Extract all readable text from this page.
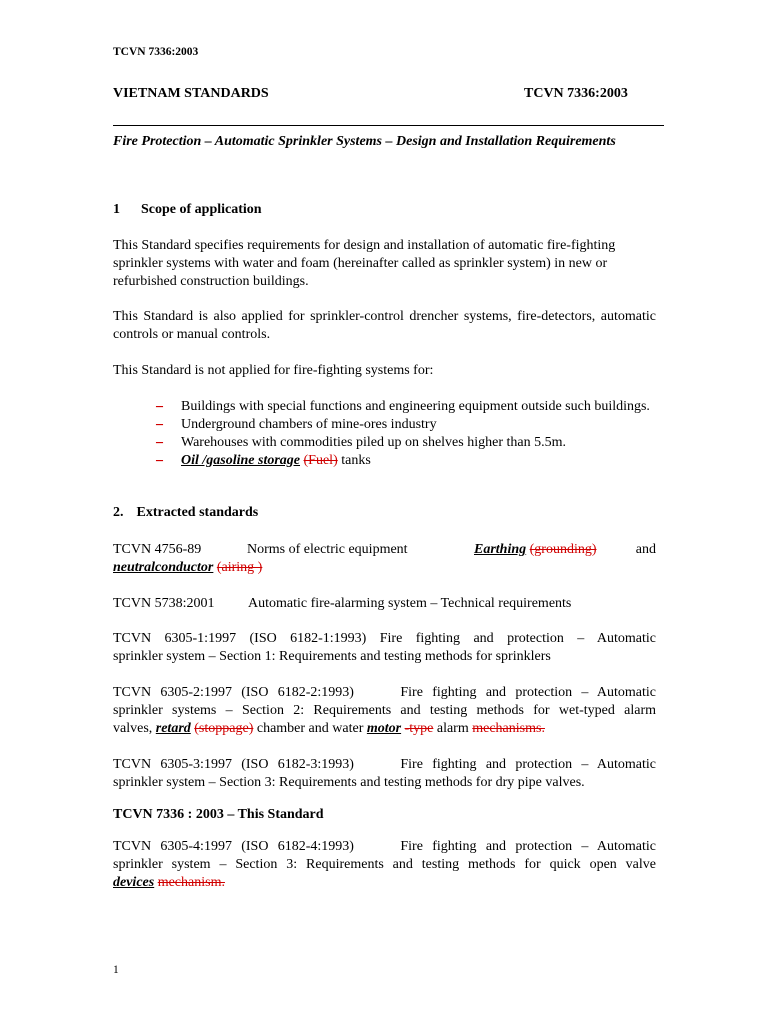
TCVN 7336:2003
VIETNAM STANDARDS	TCVN 7336:2003
Fire Protection – Automatic Sprinkler Systems – Design and Installation Requirements
1 Scope of application
This Standard specifies requirements for design and installation of automatic fire-fighting sprinkler systems with water and foam (hereinafter called as sprinkler system) in new or refurbished construction buildings.
This Standard is also applied for sprinkler-control drencher systems, fire-detectors, automatic controls or manual controls.
This Standard is not applied for fire-fighting systems for:
– Buildings with special functions and engineering equipment outside such buildings.
– Underground chambers of mine-ores industry
– Warehouses with commodities piled up on shelves higher than 5.5m.
– Oil /gasoline storage (Fuel) tanks
2. Extracted standards
TCVN 4756-89	Norms of electric equipment	Earthing (grounding)	and
neutralconductor (airing )
TCVN 5738:2001 Automatic fire-alarming system – Technical requirements
TCVN 6305-1:1997 (ISO 6182-1:1993) Fire fighting and protection – Automatic
sprinkler system – Section 1: Requirements and testing methods for sprinklers
TCVN 6305-2:1997 (ISO 6182-2:1993)     Fire fighting and protection – Automatic
sprinkler systems – Section 2: Requirements and testing methods for wet-typed alarm
valves, retard (stoppage) chamber and water motor -type alarm mechanisms.
TCVN 6305-3:1997 (ISO 6182-3:1993)     Fire fighting and protection – Automatic
sprinkler system – Section 3: Requirements and testing methods for dry pipe valves.
TCVN 7336 : 2003 – This Standard
TCVN 6305-4:1997 (ISO 6182-4:1993)     Fire fighting and protection – Automatic
sprinkler system – Section 3: Requirements and testing methods for quick open valve
devices mechanism.
1
